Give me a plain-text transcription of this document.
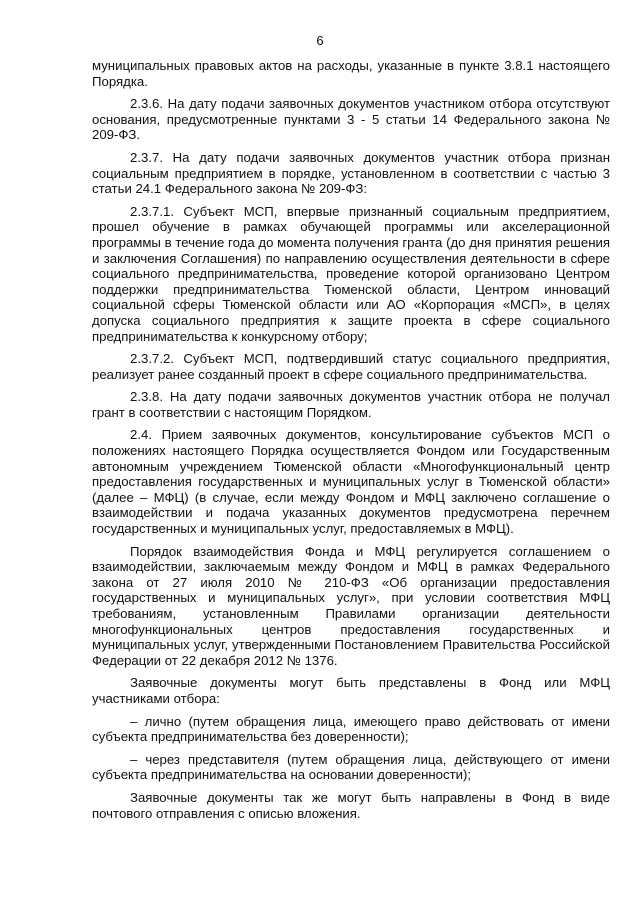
6

муниципальных правовых актов на расходы, указанные в пункте 3.8.1 настоящего Порядка.

2.3.6. На дату подачи заявочных документов участником отбора отсутствуют основания, предусмотренные пунктами 3 - 5 статьи 14 Федерального закона № 209-ФЗ.

2.3.7. На дату подачи заявочных документов участник отбора признан социальным предприятием в порядке, установленном в соответствии с частью 3 статьи 24.1 Федерального закона № 209-ФЗ:

2.3.7.1. Субъект МСП, впервые признанный социальным предприятием, прошел обучение в рамках обучающей программы или акселерационной программы в течение года до момента получения гранта (до дня принятия решения и заключения Соглашения) по направлению осуществления деятельности в сфере социального предпринимательства, проведение которой организовано Центром поддержки предпринимательства Тюменской области, Центром инноваций социальной сферы Тюменской области или АО «Корпорация «МСП», в целях допуска социального предприятия к защите проекта в сфере социального предпринимательства к конкурсному отбору;

2.3.7.2. Субъект МСП, подтвердивший статус социального предприятия, реализует ранее созданный проект в сфере социального предпринимательства.

2.3.8. На дату подачи заявочных документов участник отбора не получал грант в соответствии с настоящим Порядком.

2.4. Прием заявочных документов, консультирование субъектов МСП о положениях настоящего Порядка осуществляется Фондом или Государственным автономным учреждением Тюменской области «Многофункциональный центр предоставления государственных и муниципальных услуг в Тюменской области» (далее – МФЦ) (в случае, если между Фондом и МФЦ заключено соглашение о взаимодействии и подача указанных документов предусмотрена перечнем государственных и муниципальных услуг, предоставляемых в МФЦ).

Порядок взаимодействия Фонда и МФЦ регулируется соглашением о взаимодействии, заключаемым между Фондом и МФЦ в рамках Федерального закона от 27 июля 2010 № 210-ФЗ «Об организации предоставления государственных и муниципальных услуг», при условии соответствия МФЦ требованиям, установленным Правилами организации деятельности многофункциональных центров предоставления государственных и муниципальных услуг, утвержденными Постановлением Правительства Российской Федерации от 22 декабря 2012 № 1376.

Заявочные документы могут быть представлены в Фонд или МФЦ участниками отбора:

– лично (путем обращения лица, имеющего право действовать от имени субъекта предпринимательства без доверенности);

– через представителя (путем обращения лица, действующего от имени субъекта предпринимательства на основании доверенности);

Заявочные документы так же могут быть направлены в Фонд в виде почтового отправления с описью вложения.
